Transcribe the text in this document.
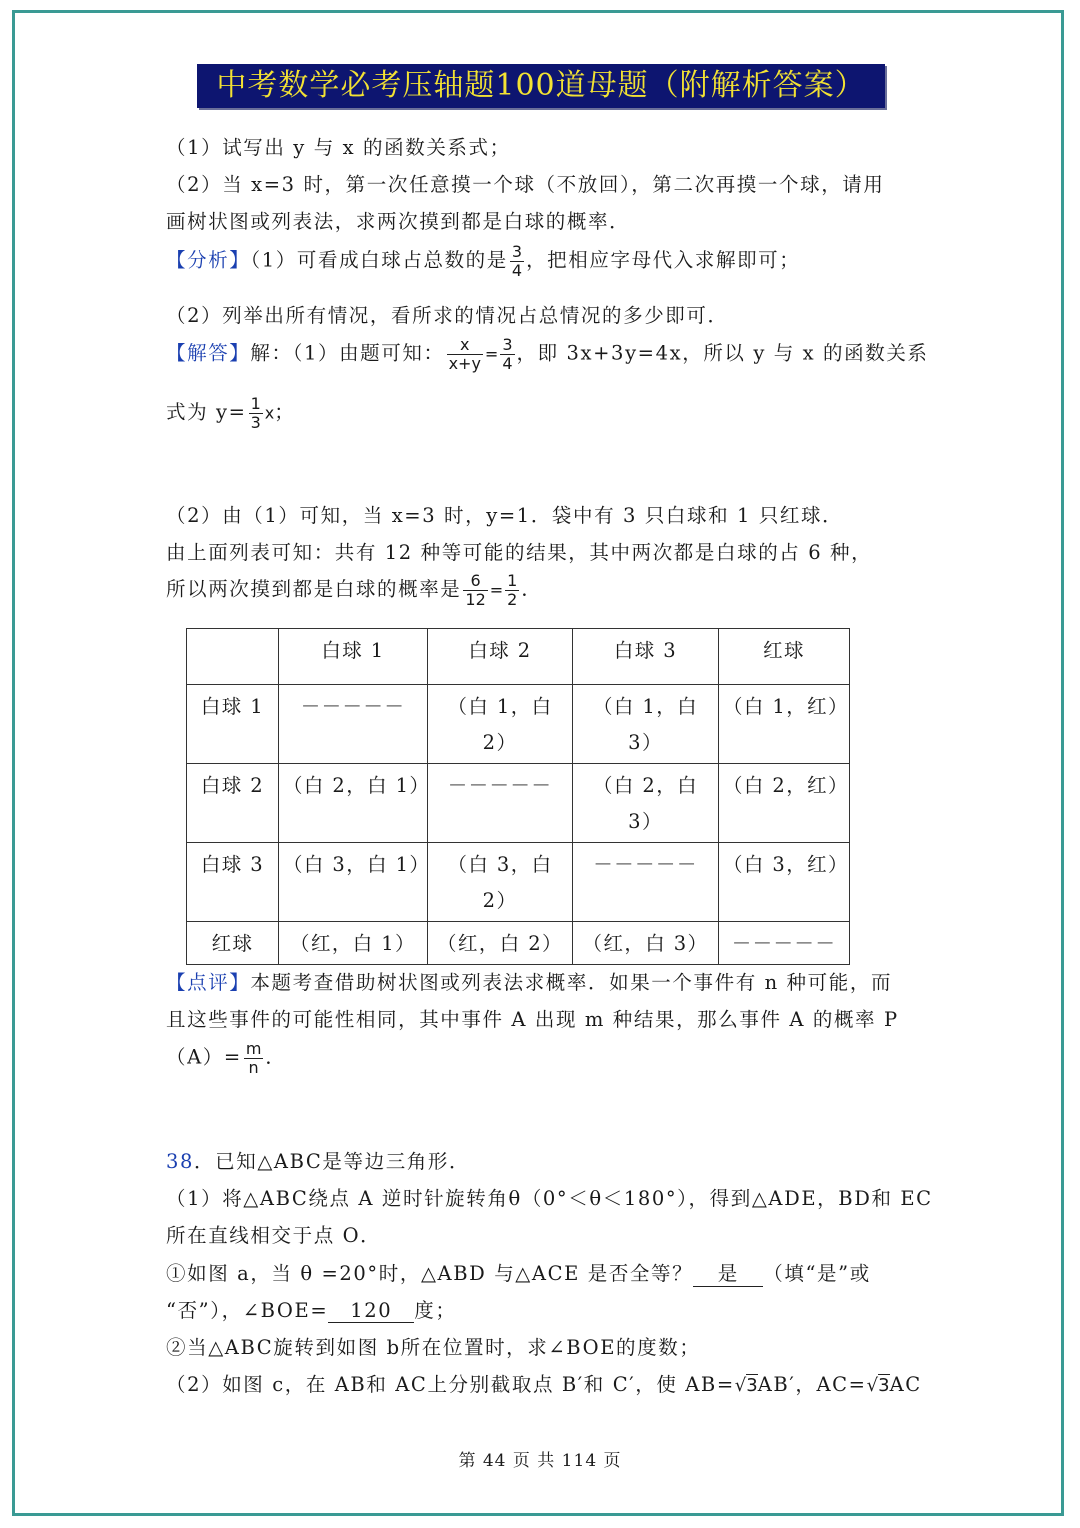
中考数学必考压轴题100道母题（附解析答案）
（1）试写出 y 与 x 的函数关系式；
（2）当 x=3 时，第一次任意摸一个球（不放回），第二次再摸一个球，请用
画树状图或列表法，求两次摸到都是白球的概率．
【分析】（1）可看成白球占总数的是 $\frac{3}{4}$ ，把相应字母代入求解即可；
（2）列举出所有情况，看所求的情况占总情况的多少即可．
【解答】解：（1）由题可知： $\frac{x}{x+y} = \frac{3}{4}$ ，即 3x+3y=4x，所以 y 与 x 的函数关系
式为 $y= \frac{1}{3}$ x；
（2）由（1）可知，当 x=3 时，y=1．袋中有 3 只白球和 1 只红球．
由上面列表可知：共有 12 种等可能的结果，其中两次都是白球的占 6 种，
所以两次摸到都是白球的概率是 $\frac{6}{12} = \frac{1}{2}$ ．
	白球 1	白球 2	白球 3	红球
白球 1	－－－－－	（白 1，白 2）	（白 1，白 3）	（白 1，红）
白球 2	（白 2，白 1）	－－－－－	（白 2，白 3）	（白 2，红）
白球 3	（白 3，白 1）	（白 3，白 2）	－－－－－	（白 3，红）
红球	（红，白 1）	（红，白 2）	（红，白 3）	－－－－－
【点评】本题考查借助树状图或列表法求概率．如果一个事件有 n 种可能，而
且这些事件的可能性相同，其中事件 A 出现 m 种结果，那么事件 A 的概率 P
$(A)= \frac{m}{n}$ ．
38．已知△ABC是等边三角形．
（1）将△ABC绕点 A 逆时针旋转角θ（0°＜θ＜180°），得到△ADE，BD和 EC
所在直线相交于点 O．
①如图 a，当 θ =20°时，△ABD 与△ACE 是否全等？ 是 （填“是”或
“否”），∠BOE= 120 度；
②当△ABC旋转到如图 b所在位置时，求∠BOE的度数；
（2）如图 c，在 AB和 AC上分别截取点 B′和 C′，使 AB=√3AB′，AC=√3AC
第 44 页 共 114 页
